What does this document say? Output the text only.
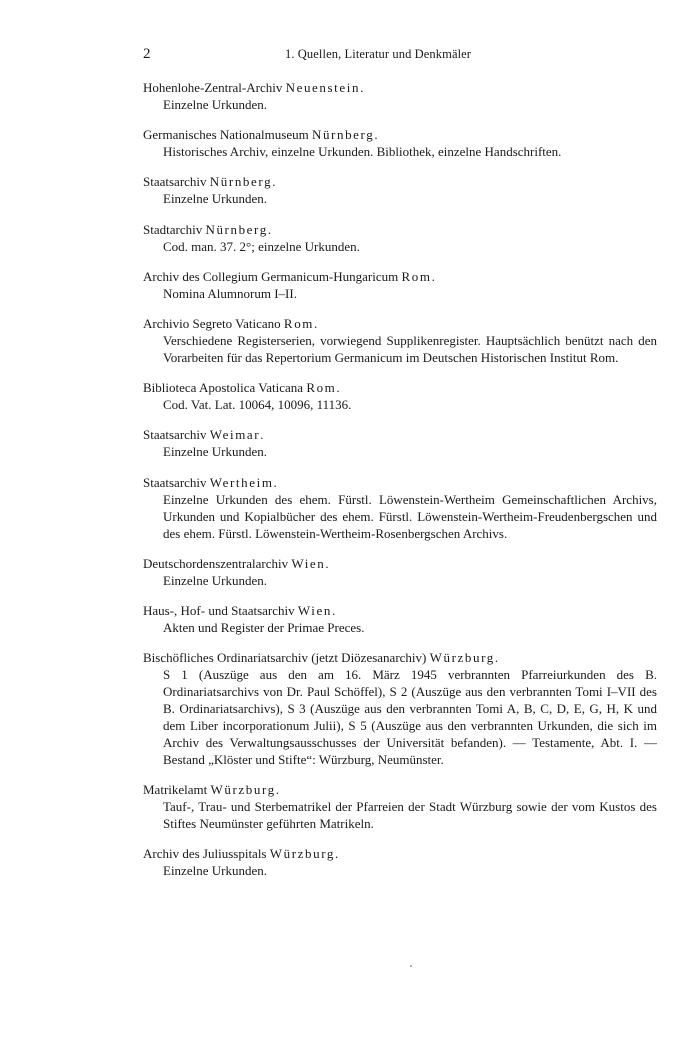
2	1. Quellen, Literatur und Denkmäler
Hohenlohe-Zentral-Archiv Neuenstein.
Einzelne Urkunden.
Germanisches Nationalmuseum Nürnberg.
Historisches Archiv, einzelne Urkunden. Bibliothek, einzelne Handschriften.
Staatsarchiv Nürnberg.
Einzelne Urkunden.
Stadtarchiv Nürnberg.
Cod. man. 37. 2°; einzelne Urkunden.
Archiv des Collegium Germanicum-Hungaricum Rom.
Nomina Alumnorum I–II.
Archivio Segreto Vaticano Rom.
Verschiedene Registerserien, vorwiegend Supplikenregister. Hauptsächlich benützt nach den Vorarbeiten für das Repertorium Germanicum im Deutschen Historischen Institut Rom.
Biblioteca Apostolica Vaticana Rom.
Cod. Vat. Lat. 10064, 10096, 11136.
Staatsarchiv Weimar.
Einzelne Urkunden.
Staatsarchiv Wertheim.
Einzelne Urkunden des ehem. Fürstl. Löwenstein-Wertheim Gemeinschaftlichen Archivs, Urkunden und Kopialbücher des ehem. Fürstl. Löwenstein-Wertheim-Freudenbergschen und des ehem. Fürstl. Löwenstein-Wertheim-Rosenbergschen Archivs.
Deutschordenszentralarchiv Wien.
Einzelne Urkunden.
Haus-, Hof- und Staatsarchiv Wien.
Akten und Register der Primae Preces.
Bischöfliches Ordinariatsarchiv (jetzt Diözesanarchiv) Würzburg.
S 1 (Auszüge aus den am 16. März 1945 verbrannten Pfarreiurkunden des B. Ordinariatsarchivs von Dr. Paul Schöffel), S 2 (Auszüge aus den verbrannten Tomi I–VII des B. Ordinariatsarchivs), S 3 (Auszüge aus den verbrannten Tomi A, B, C, D, E, G, H, K und dem Liber incorporationum Julii), S 5 (Auszüge aus den verbrannten Urkunden, die sich im Archiv des Verwaltungsausschusses der Universität befanden). — Testamente, Abt. I. — Bestand „Klöster und Stifte“: Würzburg, Neumünster.
Matrikelamt Würzburg.
Tauf-, Trau- und Sterbematrikel der Pfarreien der Stadt Würzburg sowie der vom Kustos des Stiftes Neumünster geführten Matrikeln.
Archiv des Juliusspitals Würzburg.
Einzelne Urkunden.
